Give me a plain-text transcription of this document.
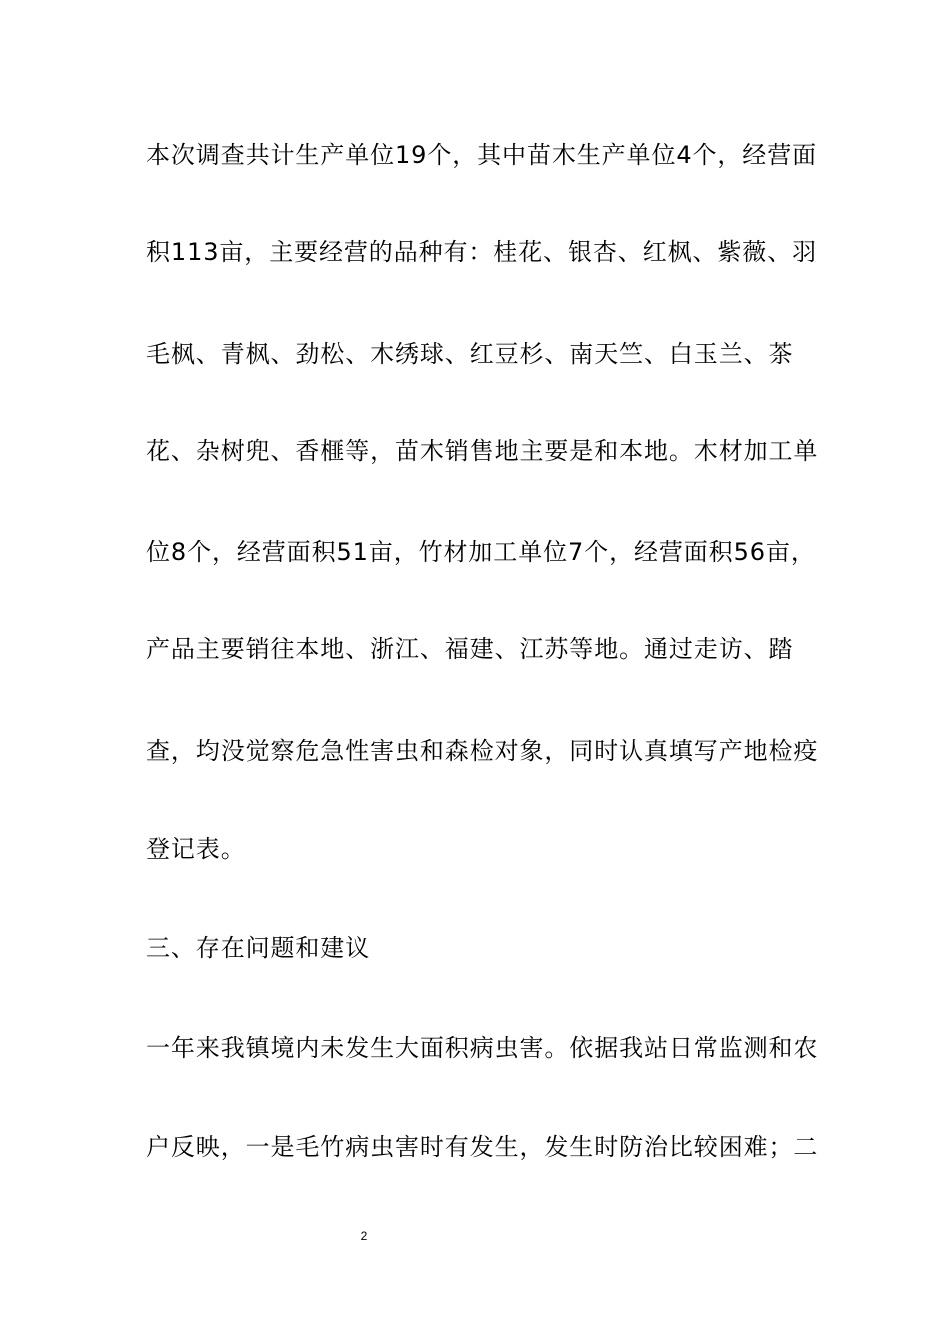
本次调查共计生产单位19个，其中苗木生产单位4个，经营面
积113亩，主要经营的品种有：桂花、银杏、红枫、紫薇、羽
毛枫、青枫、劲松、木绣球、红豆杉、南天竺、白玉兰、茶
花、杂树兜、香榧等，苗木销售地主要是和本地。木材加工单
位8个，经营面积51亩，竹材加工单位7个，经营面积56亩，
产品主要销往本地、浙江、福建、江苏等地。通过走访、踏
查，均没觉察危急性害虫和森检对象，同时认真填写产地检疫
登记表。
三、存在问题和建议
一年来我镇境内未发生大面积病虫害。依据我站日常监测和农
户反映，一是毛竹病虫害时有发生，发生时防治比较困难；二
2
